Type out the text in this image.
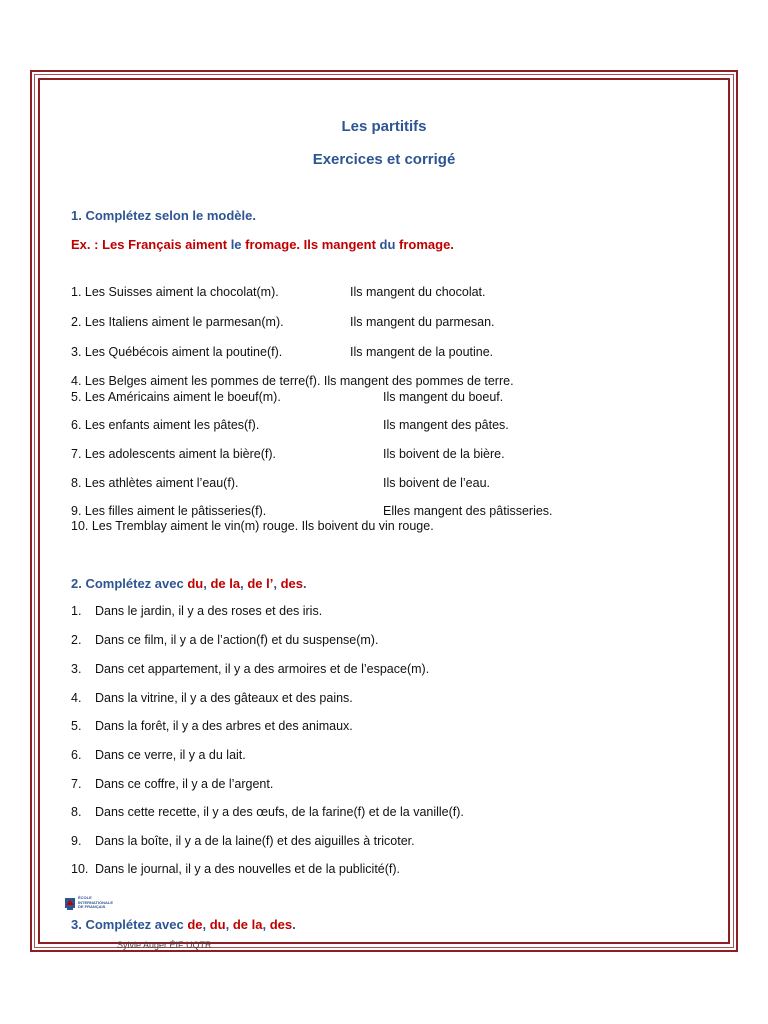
Les partitifs
Exercices et corrigé
1. Complétez selon le modèle.
Ex. : Les Français aiment le fromage. Ils mangent du fromage.
1. Les Suisses aiment la chocolat(m).	Ils mangent du chocolat.
2. Les Italiens aiment le parmesan(m).	Ils mangent du parmesan.
3. Les Québécois aiment la poutine(f).	Ils mangent de la poutine.
4. Les Belges aiment les pommes de terre(f). Ils mangent des pommes de terre.
5. Les Américains aiment le boeuf(m).	Ils mangent du boeuf.
6. Les enfants aiment les pâtes(f).	Ils mangent des pâtes.
7. Les adolescents aiment la bière(f).	Ils boivent de la bière.
8. Les athlètes aiment l’eau(f).	Ils boivent de l’eau.
9. Les filles aiment le pâtisseries(f).	Elles mangent des pâtisseries.
10. Les Tremblay aiment le vin(m) rouge. Ils boivent du vin rouge.
2. Complétez avec du, de la, de l’, des.
1. Dans le jardin, il y a des roses et des iris.
2. Dans ce film, il y a de l’action(f) et du suspense(m).
3. Dans cet appartement, il y a des armoires et de l’espace(m).
4. Dans la vitrine, il y a des gâteaux et des pains.
5. Dans la forêt, il y a des arbres et des animaux.
6. Dans ce verre, il y a du lait.
7. Dans ce coffre, il y a de l’argent.
8. Dans cette recette, il y a des œufs, de la farine(f) et de la vanille(f).
9. Dans la boîte, il y a de la laine(f) et des aiguilles à tricoter.
10. Dans le journal, il y a des nouvelles et de la publicité(f).
ÉCOLE
INTERNATIONALE
DE FRANÇAIS
3. Complétez avec de, du, de la, des.
Sylvie Auger ÉIF UQTR
